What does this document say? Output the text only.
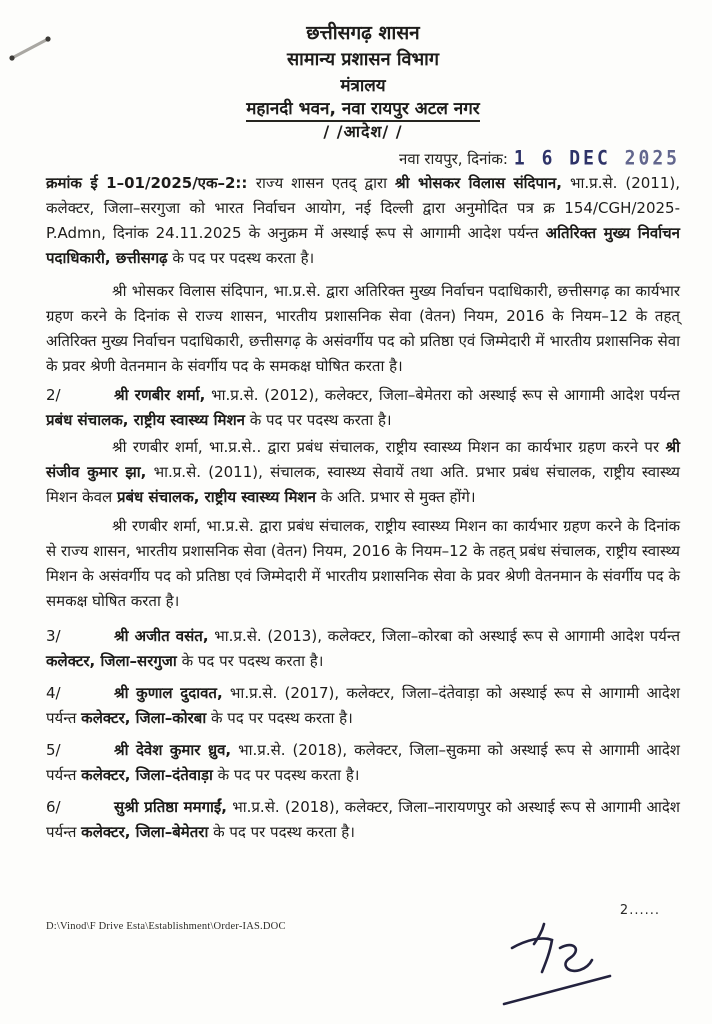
छत्तीसगढ़ शासन
सामान्य प्रशासन विभाग
मंत्रालय
महानदी भवन, नवा रायपुर अटल नगर
/ /आदेश/ /
नवा रायपुर, दिनांक: 1 6 DEC 2025

क्रमांक ई 1–01/2025/एक–2:: राज्य शासन एतद् द्वारा श्री भोसकर विलास संदिपान, भा.प्र.से. (2011), कलेक्टर, जिला–सरगुजा को भारत निर्वाचन आयोग, नई दिल्ली द्वारा अनुमोदित पत्र क्र 154/CGH/2025-P.Admn, दिनांक 24.11.2025 के अनुक्रम में अस्थाई रूप से आगामी आदेश पर्यन्त अतिरिक्त मुख्य निर्वाचन पदाधिकारी, छत्तीसगढ़ के पद पर पदस्थ करता है।

श्री भोसकर विलास संदिपान, भा.प्र.से. द्वारा अतिरिक्त मुख्य निर्वाचन पदाधिकारी, छत्तीसगढ़ का कार्यभार ग्रहण करने के दिनांक से राज्य शासन, भारतीय प्रशासनिक सेवा (वेतन) नियम, 2016 के नियम–12 के तहत् अतिरिक्त मुख्य निर्वाचन पदाधिकारी, छत्तीसगढ़ के असंवर्गीय पद को प्रतिष्ठा एवं जिम्मेदारी में भारतीय प्रशासनिक सेवा के प्रवर श्रेणी वेतनमान के संवर्गीय पद के समकक्ष घोषित करता है।

2/	श्री रणबीर शर्मा, भा.प्र.से. (2012), कलेक्टर, जिला–बेमेतरा को अस्थाई रूप से आगामी आदेश पर्यन्त प्रबंध संचालक, राष्ट्रीय स्वास्थ्य मिशन के पद पर पदस्थ करता है।

श्री रणबीर शर्मा, भा.प्र.से.. द्वारा प्रबंध संचालक, राष्ट्रीय स्वास्थ्य मिशन का कार्यभार ग्रहण करने पर श्री संजीव कुमार झा, भा.प्र.से. (2011), संचालक, स्वास्थ्य सेवायें तथा अति. प्रभार प्रबंध संचालक, राष्ट्रीय स्वास्थ्य मिशन केवल प्रबंध संचालक, राष्ट्रीय स्वास्थ्य मिशन के अति. प्रभार से मुक्त होंगे।

श्री रणबीर शर्मा, भा.प्र.से. द्वारा प्रबंध संचालक, राष्ट्रीय स्वास्थ्य मिशन का कार्यभार ग्रहण करने के दिनांक से राज्य शासन, भारतीय प्रशासनिक सेवा (वेतन) नियम, 2016 के नियम–12 के तहत् प्रबंध संचालक, राष्ट्रीय स्वास्थ्य मिशन के असंवर्गीय पद को प्रतिष्ठा एवं जिम्मेदारी में भारतीय प्रशासनिक सेवा के प्रवर श्रेणी वेतनमान के संवर्गीय पद के समकक्ष घोषित करता है।

3/	श्री अजीत वसंत, भा.प्र.से. (2013), कलेक्टर, जिला–कोरबा को अस्थाई रूप से आगामी आदेश पर्यन्त कलेक्टर, जिला–सरगुजा के पद पर पदस्थ करता है।

4/	श्री कुणाल दुदावत, भा.प्र.से. (2017), कलेक्टर, जिला–दंतेवाड़ा को अस्थाई रूप से आगामी आदेश पर्यन्त कलेक्टर, जिला–कोरबा के पद पर पदस्थ करता है।

5/	श्री देवेश कुमार ध्रुव, भा.प्र.से. (2018), कलेक्टर, जिला–सुकमा को अस्थाई रूप से आगामी आदेश पर्यन्त कलेक्टर, जिला–दंतेवाड़ा के पद पर पदस्थ करता है।

6/	सुश्री प्रतिष्ठा ममगाईं, भा.प्र.से. (2018), कलेक्टर, जिला–नारायणपुर को अस्थाई रूप से आगामी आदेश पर्यन्त कलेक्टर, जिला–बेमेतरा के पद पर पदस्थ करता है।

2......
D:\Vinod\F Drive Esta\Establishment\Order-IAS.DOC
